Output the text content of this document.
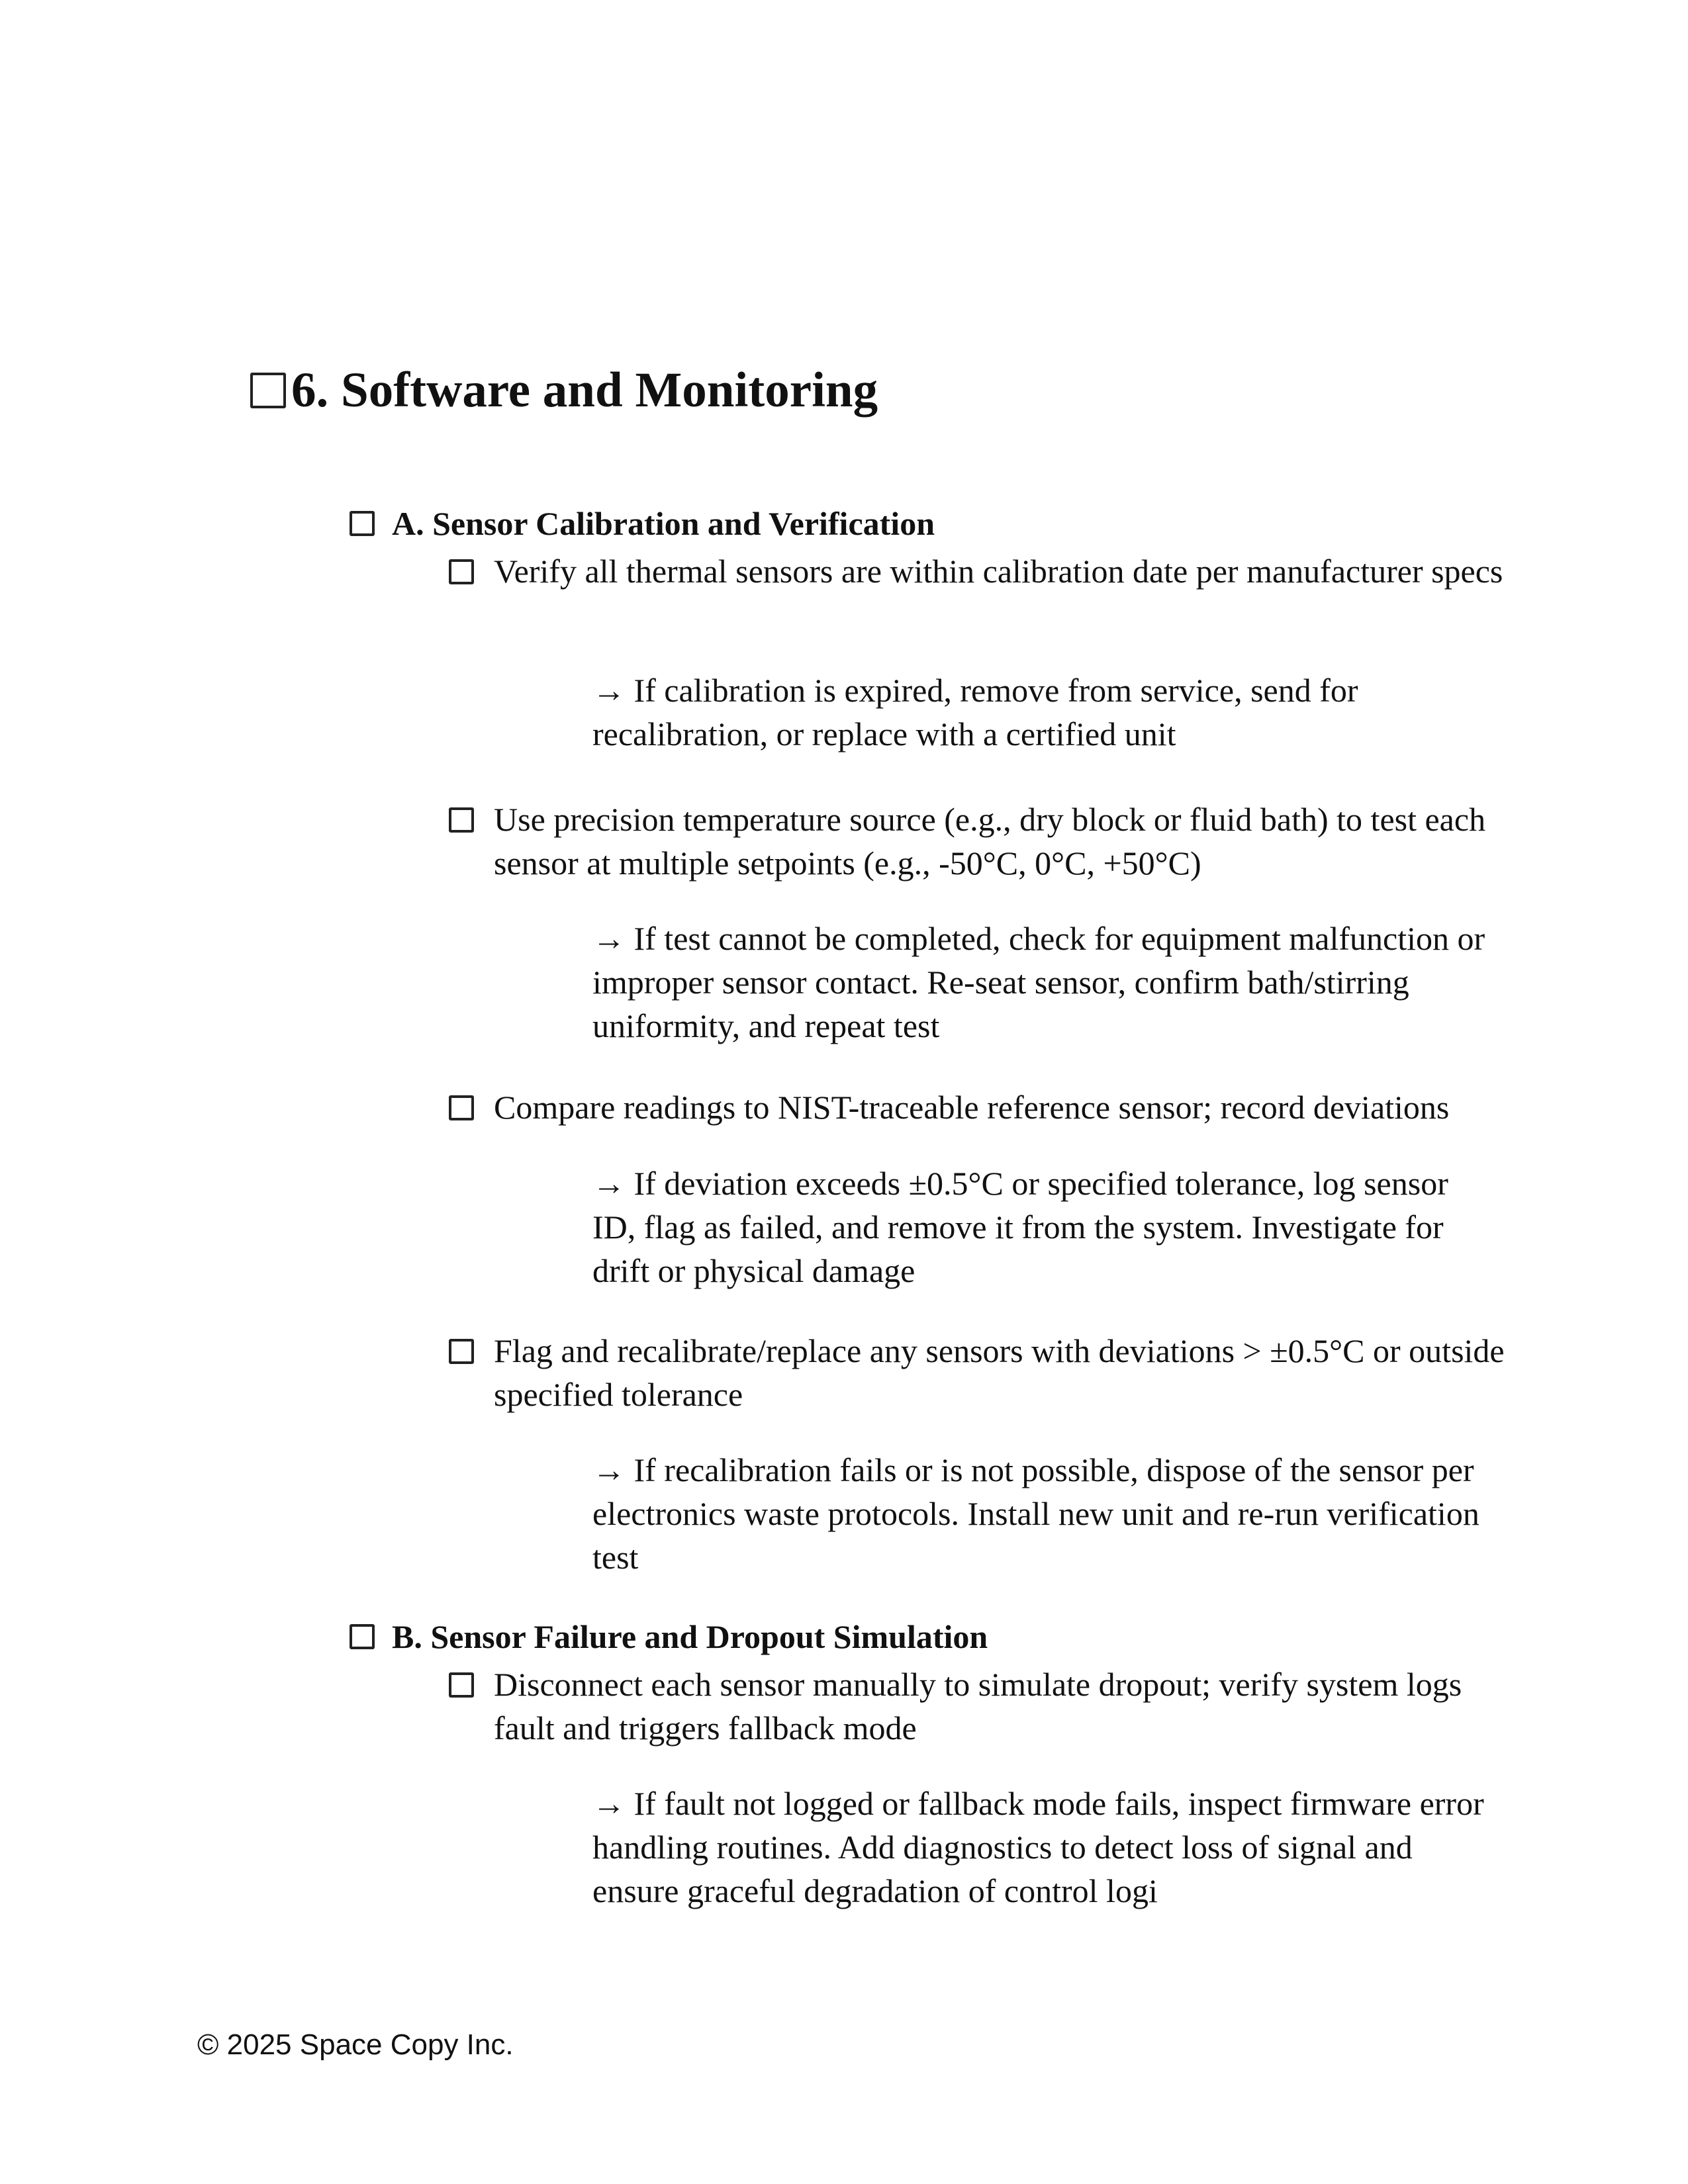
6. Software and Monitoring
A. Sensor Calibration and Verification
Verify all thermal sensors are within calibration date per manufacturer specs

→ If calibration is expired, remove from service, send for recalibration, or replace with a certified unit

Use precision temperature source (e.g., dry block or fluid bath) to test each sensor at multiple setpoints (e.g., -50°C, 0°C, +50°C)

→ If test cannot be completed, check for equipment malfunction or improper sensor contact. Re-seat sensor, confirm bath/stirring uniformity, and repeat test

Compare readings to NIST-traceable reference sensor; record deviations

→ If deviation exceeds ±0.5°C or specified tolerance, log sensor ID, flag as failed, and remove it from the system. Investigate for drift or physical damage

Flag and recalibrate/replace any sensors with deviations > ±0.5°C or outside specified tolerance

→ If recalibration fails or is not possible, dispose of the sensor per electronics waste protocols. Install new unit and re-run verification test

B. Sensor Failure and Dropout Simulation
Disconnect each sensor manually to simulate dropout; verify system logs fault and triggers fallback mode

→ If fault not logged or fallback mode fails, inspect firmware error handling routines. Add diagnostics to detect loss of signal and ensure graceful degradation of control logi

© 2025 Space Copy Inc.
